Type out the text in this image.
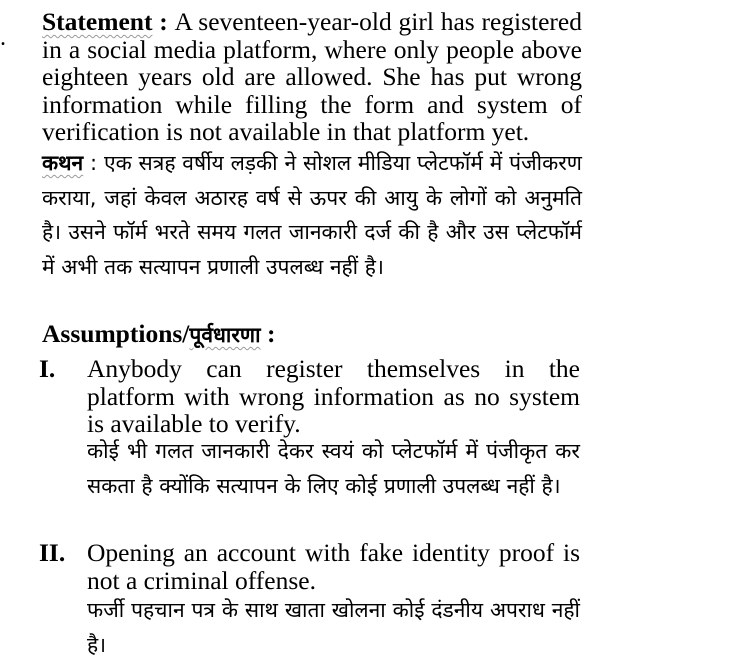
.
Statement : A seventeen-year-old girl has registered in a social media platform, where only people above eighteen years old are allowed. She has put wrong information while filling the form and system of verification is not available in that platform yet.
कथन : एक सत्रह वर्षीय लड़की ने सोशल मीडिया प्लेटफॉर्म में पंजीकरण कराया, जहां केवल अठारह वर्ष से ऊपर की आयु के लोगों को अनुमति है। उसने फॉर्म भरते समय गलत जानकारी दर्ज की है और उस प्लेटफॉर्म में अभी तक सत्यापन प्रणाली उपलब्ध नहीं है।
Assumptions/पूर्वधारणा :
I. Anybody can register themselves in the platform with wrong information as no system is available to verify.
कोई भी गलत जानकारी देकर स्वयं को प्लेटफॉर्म में पंजीकृत कर सकता है क्योंकि सत्यापन के लिए कोई प्रणाली उपलब्ध नहीं है।
II. Opening an account with fake identity proof is not a criminal offense.
फर्जी पहचान पत्र के साथ खाता खोलना कोई दंडनीय अपराध नहीं है।
